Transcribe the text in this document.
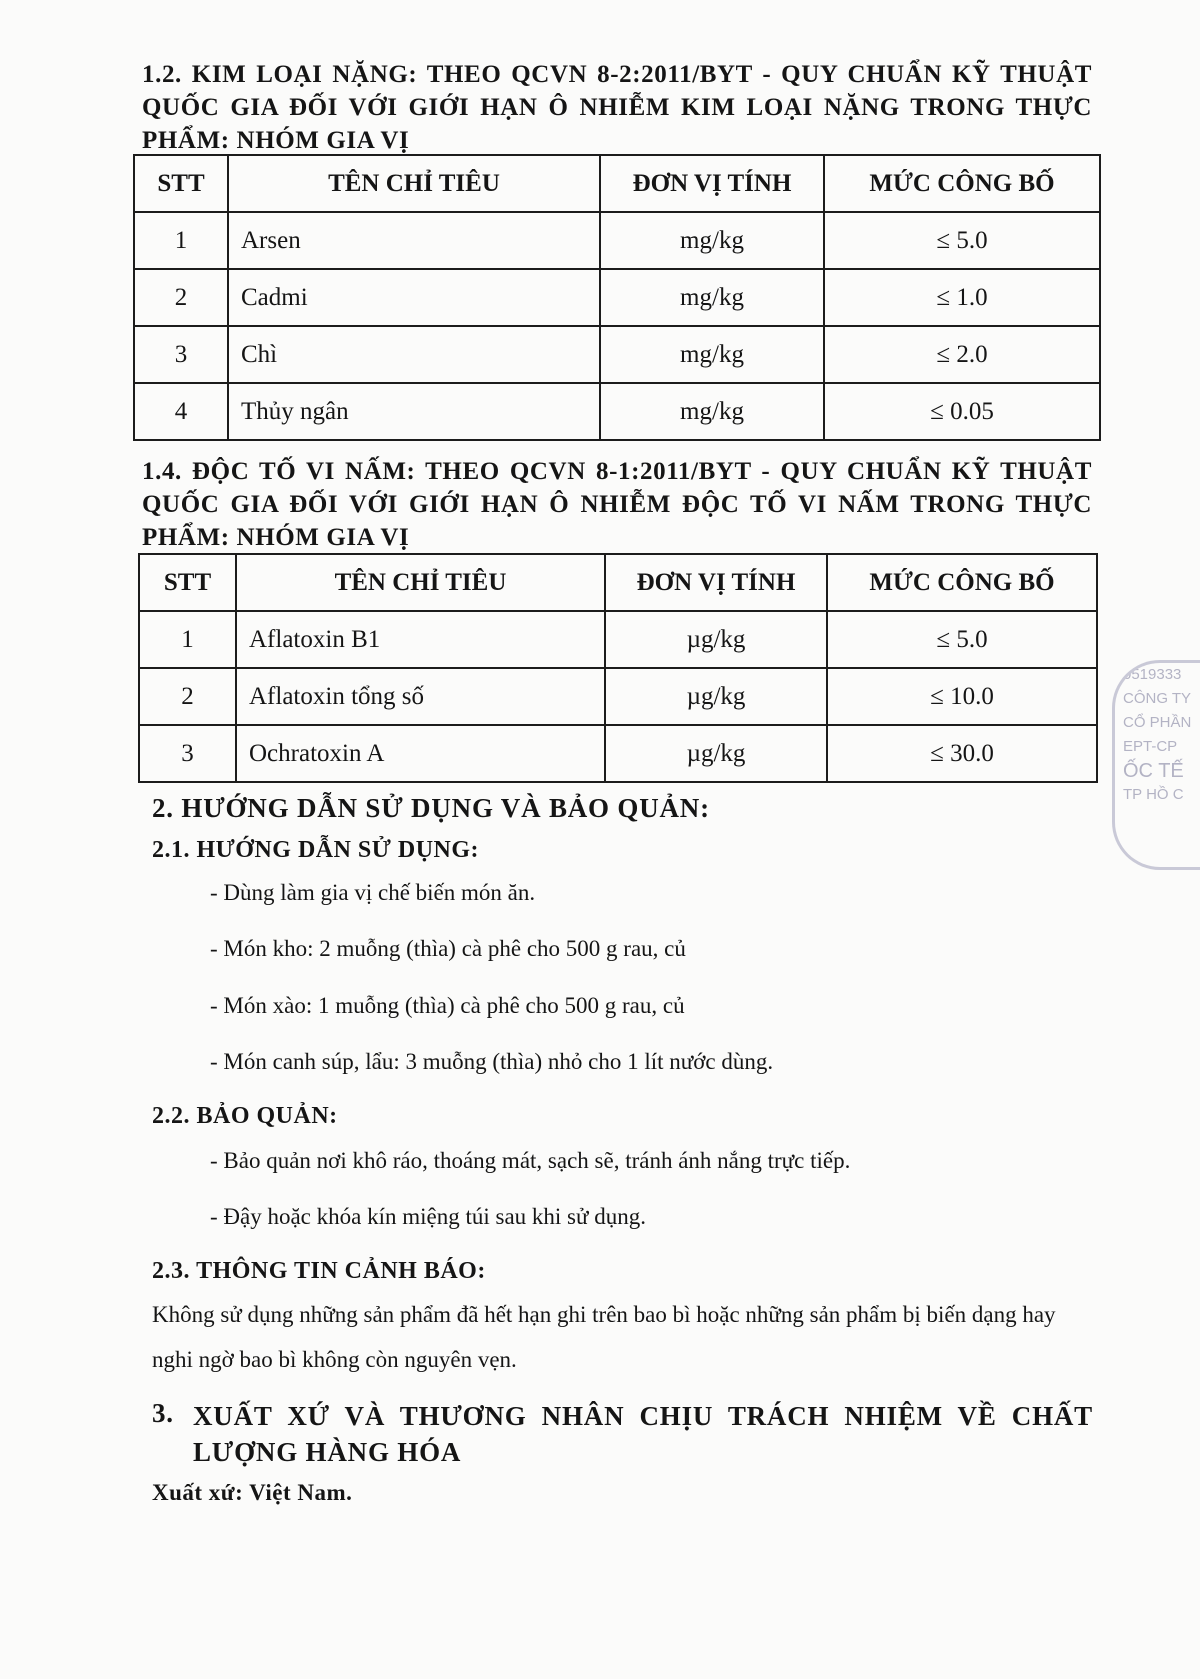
1.2. KIM LOẠI NẶNG: THEO QCVN 8-2:2011/BYT - QUY CHUẨN KỸ THUẬT QUỐC GIA ĐỐI VỚI GIỚI HẠN Ô NHIỄM KIM LOẠI NẶNG TRONG THỰC PHẨM: NHÓM GIA VỊ

STT	TÊN CHỈ TIÊU	ĐƠN VỊ TÍNH	MỨC CÔNG BỐ
1	Arsen	mg/kg	≤ 5.0
2	Cadmi	mg/kg	≤ 1.0
3	Chì	mg/kg	≤ 2.0
4	Thủy ngân	mg/kg	≤ 0.05

1.4. ĐỘC TỐ VI NẤM: THEO QCVN 8-1:2011/BYT - QUY CHUẨN KỸ THUẬT QUỐC GIA ĐỐI VỚI GIỚI HẠN Ô NHIỄM ĐỘC TỐ VI NẤM TRONG THỰC PHẨM: NHÓM GIA VỊ

STT	TÊN CHỈ TIÊU	ĐƠN VỊ TÍNH	MỨC CÔNG BỐ
1	Aflatoxin B1	µg/kg	≤ 5.0
2	Aflatoxin tổng số	µg/kg	≤ 10.0
3	Ochratoxin A	µg/kg	≤ 30.0

2. HƯỚNG DẪN SỬ DỤNG VÀ BẢO QUẢN:

2.1. HƯỚNG DẪN SỬ DỤNG:

- Dùng làm gia vị chế biến món ăn.

- Món kho: 2 muỗng (thìa) cà phê cho 500 g rau, củ

- Món xào: 1 muỗng (thìa) cà phê cho 500 g rau, củ

- Món canh súp, lẩu: 3 muỗng (thìa) nhỏ cho 1 lít nước dùng.

2.2. BẢO QUẢN:

- Bảo quản nơi khô ráo, thoáng mát, sạch sẽ, tránh ánh nắng trực tiếp.

- Đậy hoặc khóa kín miệng túi sau khi sử dụng.

2.3. THÔNG TIN CẢNH BÁO:

Không sử dụng những sản phẩm đã hết hạn ghi trên bao bì hoặc những sản phẩm bị biến dạng hay nghi ngờ bao bì không còn nguyên vẹn.

3. XUẤT XỨ VÀ THƯƠNG NHÂN CHỊU TRÁCH NHIỆM VỀ CHẤT LƯỢNG HÀNG HÓA

Xuất xứ: Việt Nam.

0519333
CÔNG TY
CỔ PHẦN
EPT-CP
ỐC TẾ
TP HỒ C
